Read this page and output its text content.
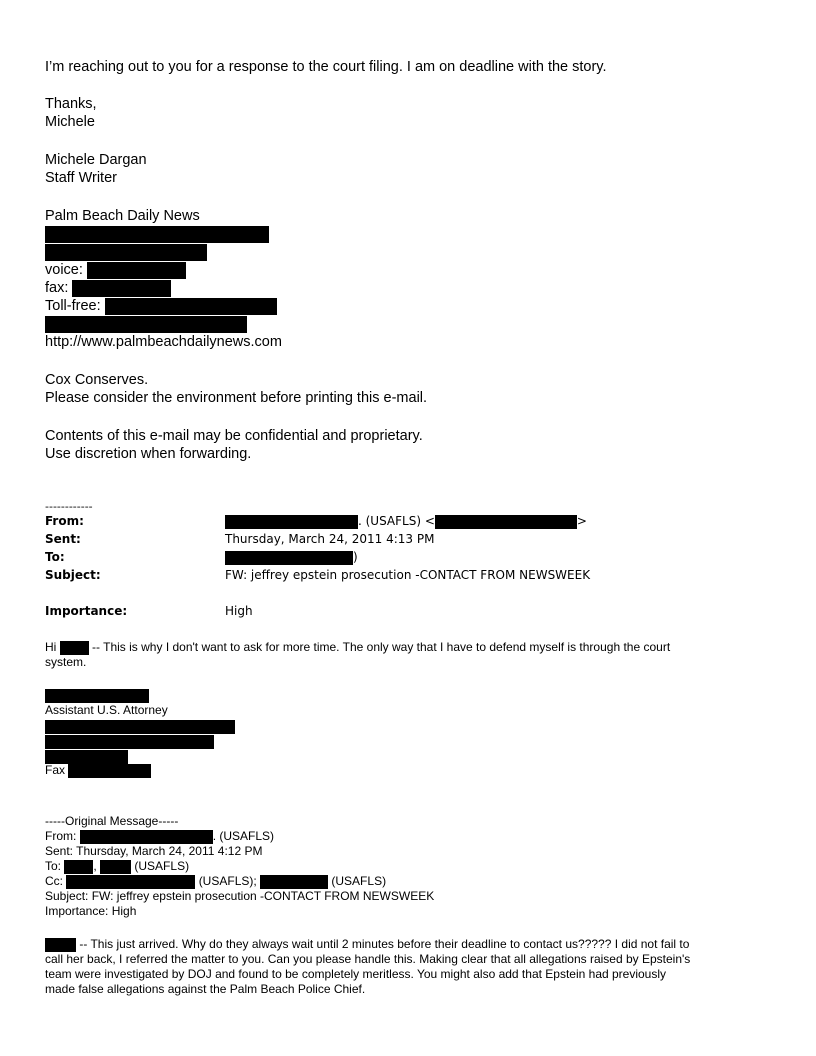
I’m reaching out to you for a response to the court filing. I am on deadline with the story.
Thanks,
Michele
Michele Dargan
Staff Writer
Palm Beach Daily News
voice:
fax:
Toll-free:
http://www.palmbeachdailynews.com
Cox Conserves.
Please consider the environment before printing this e-mail.
Contents of this e-mail may be confidential and proprietary.
Use discretion when forwarding.
------------
From:	. (USAFLS) <	>
Sent:	Thursday, March 24, 2011 4:13 PM
To:	)
Subject:	FW: jeffrey epstein prosecution -CONTACT FROM NEWSWEEK
Importance:	High
Hi	-- This is why I don't want to ask for more time. The only way that I have to defend myself is through the court
system.
Assistant U.S. Attorney
Fax
-----Original Message-----
From:	. (USAFLS)
Sent: Thursday, March 24, 2011 4:12 PM
To:	,	(USAFLS)
Cc:	(USAFLS);	(USAFLS)
Subject: FW: jeffrey epstein prosecution -CONTACT FROM NEWSWEEK
Importance: High
-- This just arrived. Why do they always wait until 2 minutes before their deadline to contact us????? I did not fail to
call her back, I referred the matter to you. Can you please handle this. Making clear that all allegations raised by Epstein's
team were investigated by DOJ and found to be completely meritless. You might also add that Epstein had previously
made false allegations against the Palm Beach Police Chief.
